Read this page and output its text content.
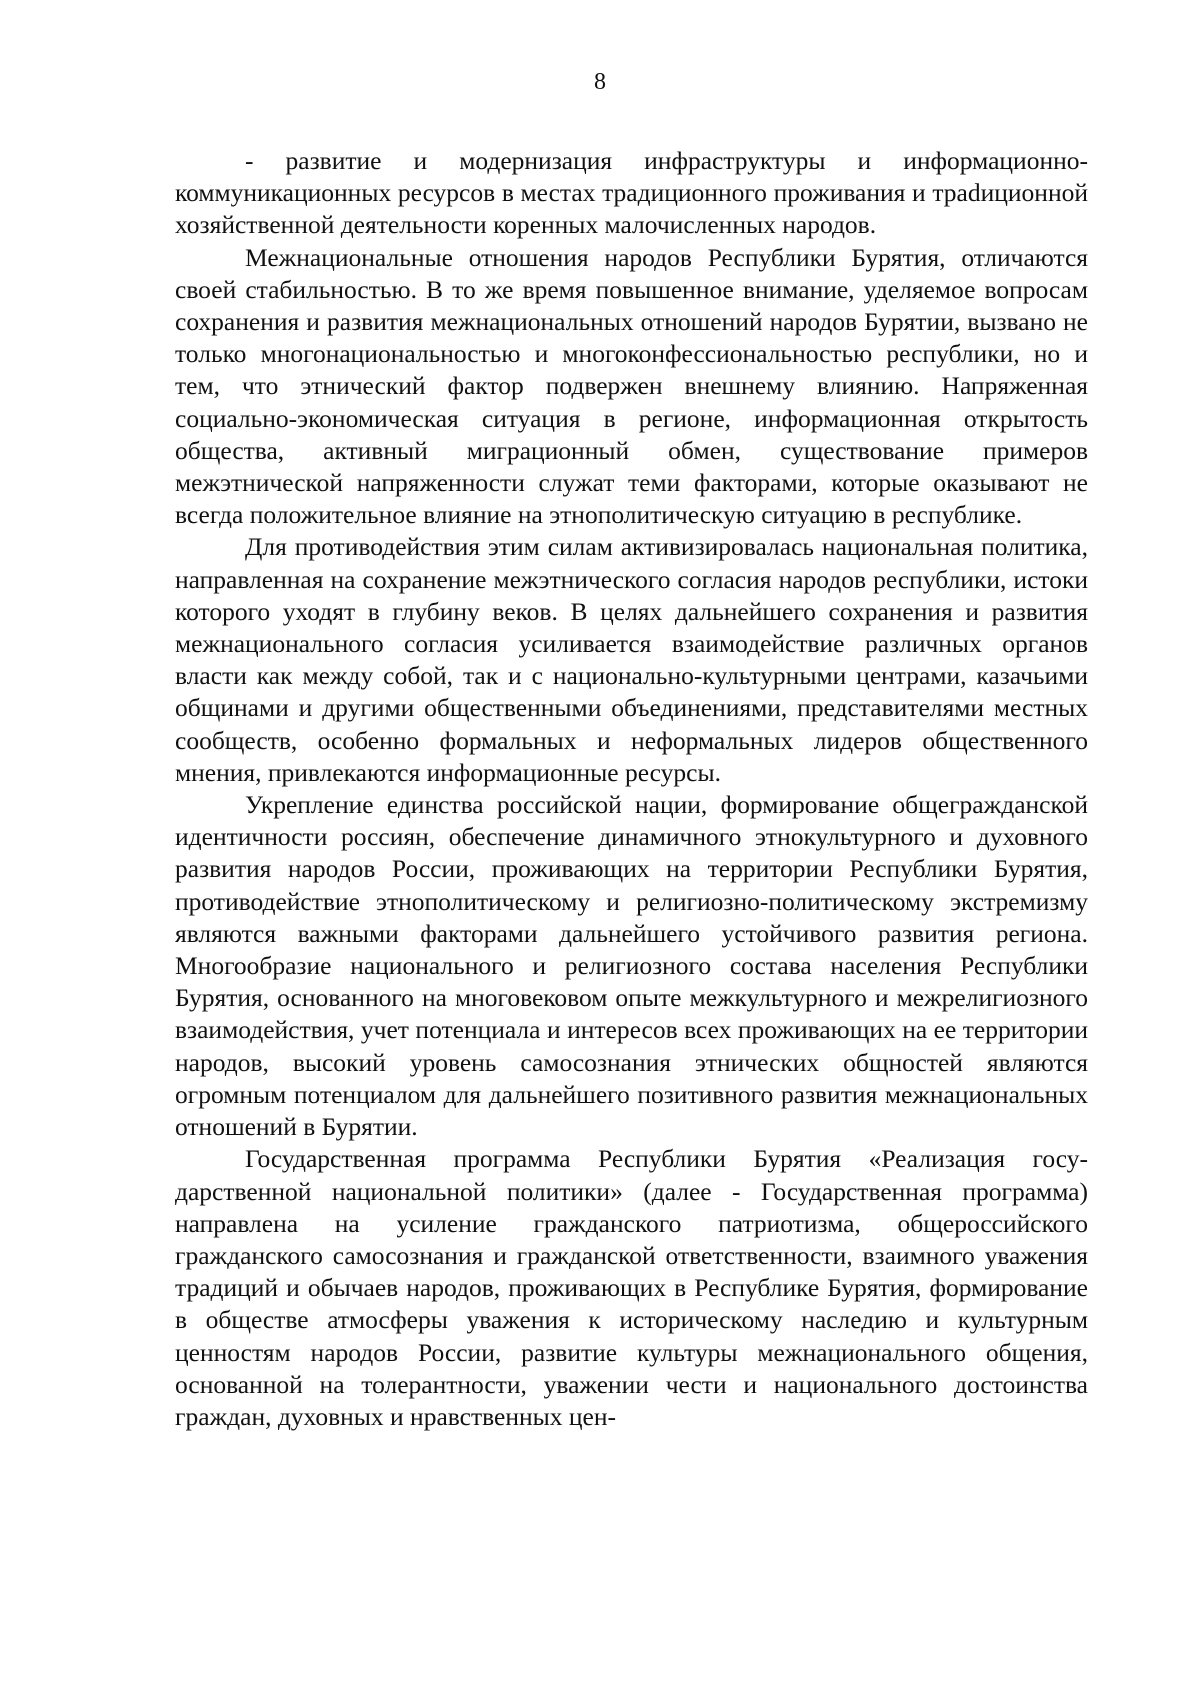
8

- развитие и модернизация инфраструктуры и информационно-коммуникационных ресурсов в местах традиционного проживания и траdиционной хозяйственной деятельности коренных малочисленных народов.

Межнациональные отношения народов Республики Бурятия, отличаются своей стабильностью. В то же время повышенное внимание, уделяемое вопросам сохранения и развития межнациональных отношений народов Бурятии, вызвано не только многонациональностью и многоконфессиональностью республики, но и тем, что этнический фактор подвержен внешнему влиянию. Напряженная социально-экономическая ситуация в регионе, информационная открытость общества, активный миграционный обмен, существование примеров межэтнической напряженности служат теми факторами, которые оказывают не всегда положительное влияние на этнополитическую ситуацию в республике.

Для противодействия этим силам активизировалась национальная политика, направленная на сохранение межэтнического согласия народов республики, истоки которого уходят в глубину веков. В целях дальнейшего сохранения и развития межнационального согласия усиливается взаимодействие различных органов власти как между собой, так и с национально-культурными центрами, казачьими общинами и другими общественными объединениями, представителями местных сообществ, особенно формальных и неформальных лидеров общественного мнения, привлекаются информационные ресурсы.

Укрепление единства российской нации, формирование общегражданской идентичности россиян, обеспечение динамичного этнокультурного и духовного развития народов России, проживающих на территории Республики Бурятия, противодействие этнополитическому и религиозно-политическому экстремизму являются важными факторами дальнейшего устойчивого развития региона. Многообразие национального и религиозного состава населения Республики Бурятия, основанного на многовековом опыте межкультурного и межрелигиозного взаимодействия, учет потенциала и интересов всех проживающих на ее территории народов, высокий уровень самосознания этнических общностей являются огромным потенциалом для дальнейшего позитивного развития межнациональных отношений в Бурятии.

Государственная программа Республики Бурятия «Реализация государственной национальной политики» (далее - Государственная программа) направлена на усиление гражданского патриотизма, общероссийского гражданского самосознания и гражданской ответственности, взаимного уважения традиций и обычаев народов, проживающих в Республике Бурятия, формирование в обществе атмосферы уважения к историческому наследию и культурным ценностям народов России, развитие культуры межнационального общения, основанной на толерантности, уважении чести и национального достоинства граждан, духовных и нравственных цен-
